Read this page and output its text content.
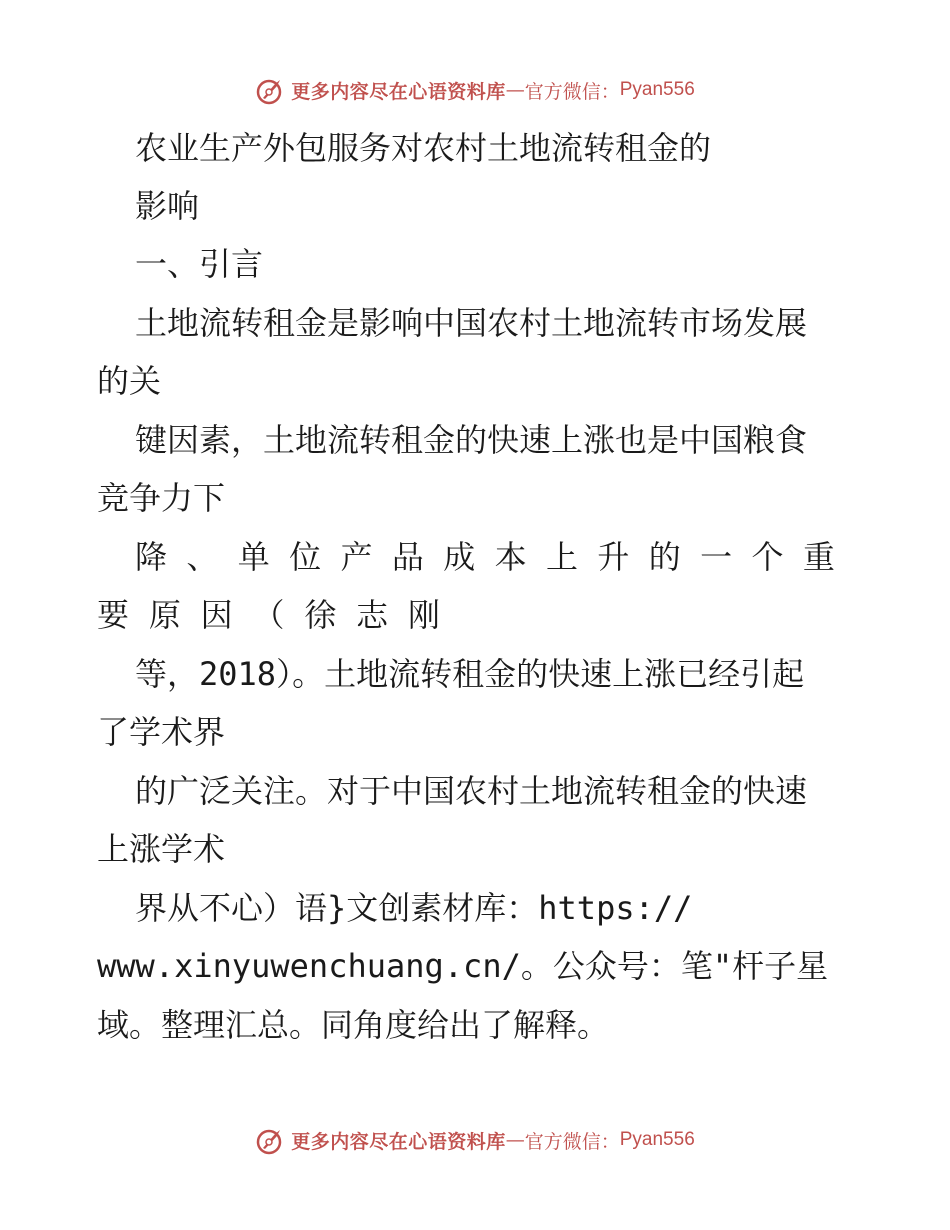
更多内容尽在心语资料库 — 官方微信： Pyan556
农业生产外包服务对农村土地流转租金的
影响
一、引言
土地流转租金是影响中国农村土地流转市场发展
的关
键因素，土地流转租金的快速上涨也是中国粮食
竞争力下
降 、 单 位 产 品 成 本 上 升 的 一 个 重
要 原 因 （ 徐 志 刚
等，2018）。土地流转租金的快速上涨已经引起
了学术界
的广泛关注。对于中国农村土地流转租金的快速
上涨学术
界从不心）语}文创素材库：https://
www.xinyuwenchuang.cn/。公众号：笔"杆子星
域。整理汇总。同角度给出了解释。
更多内容尽在心语资料库 — 官方微信： Pyan556
